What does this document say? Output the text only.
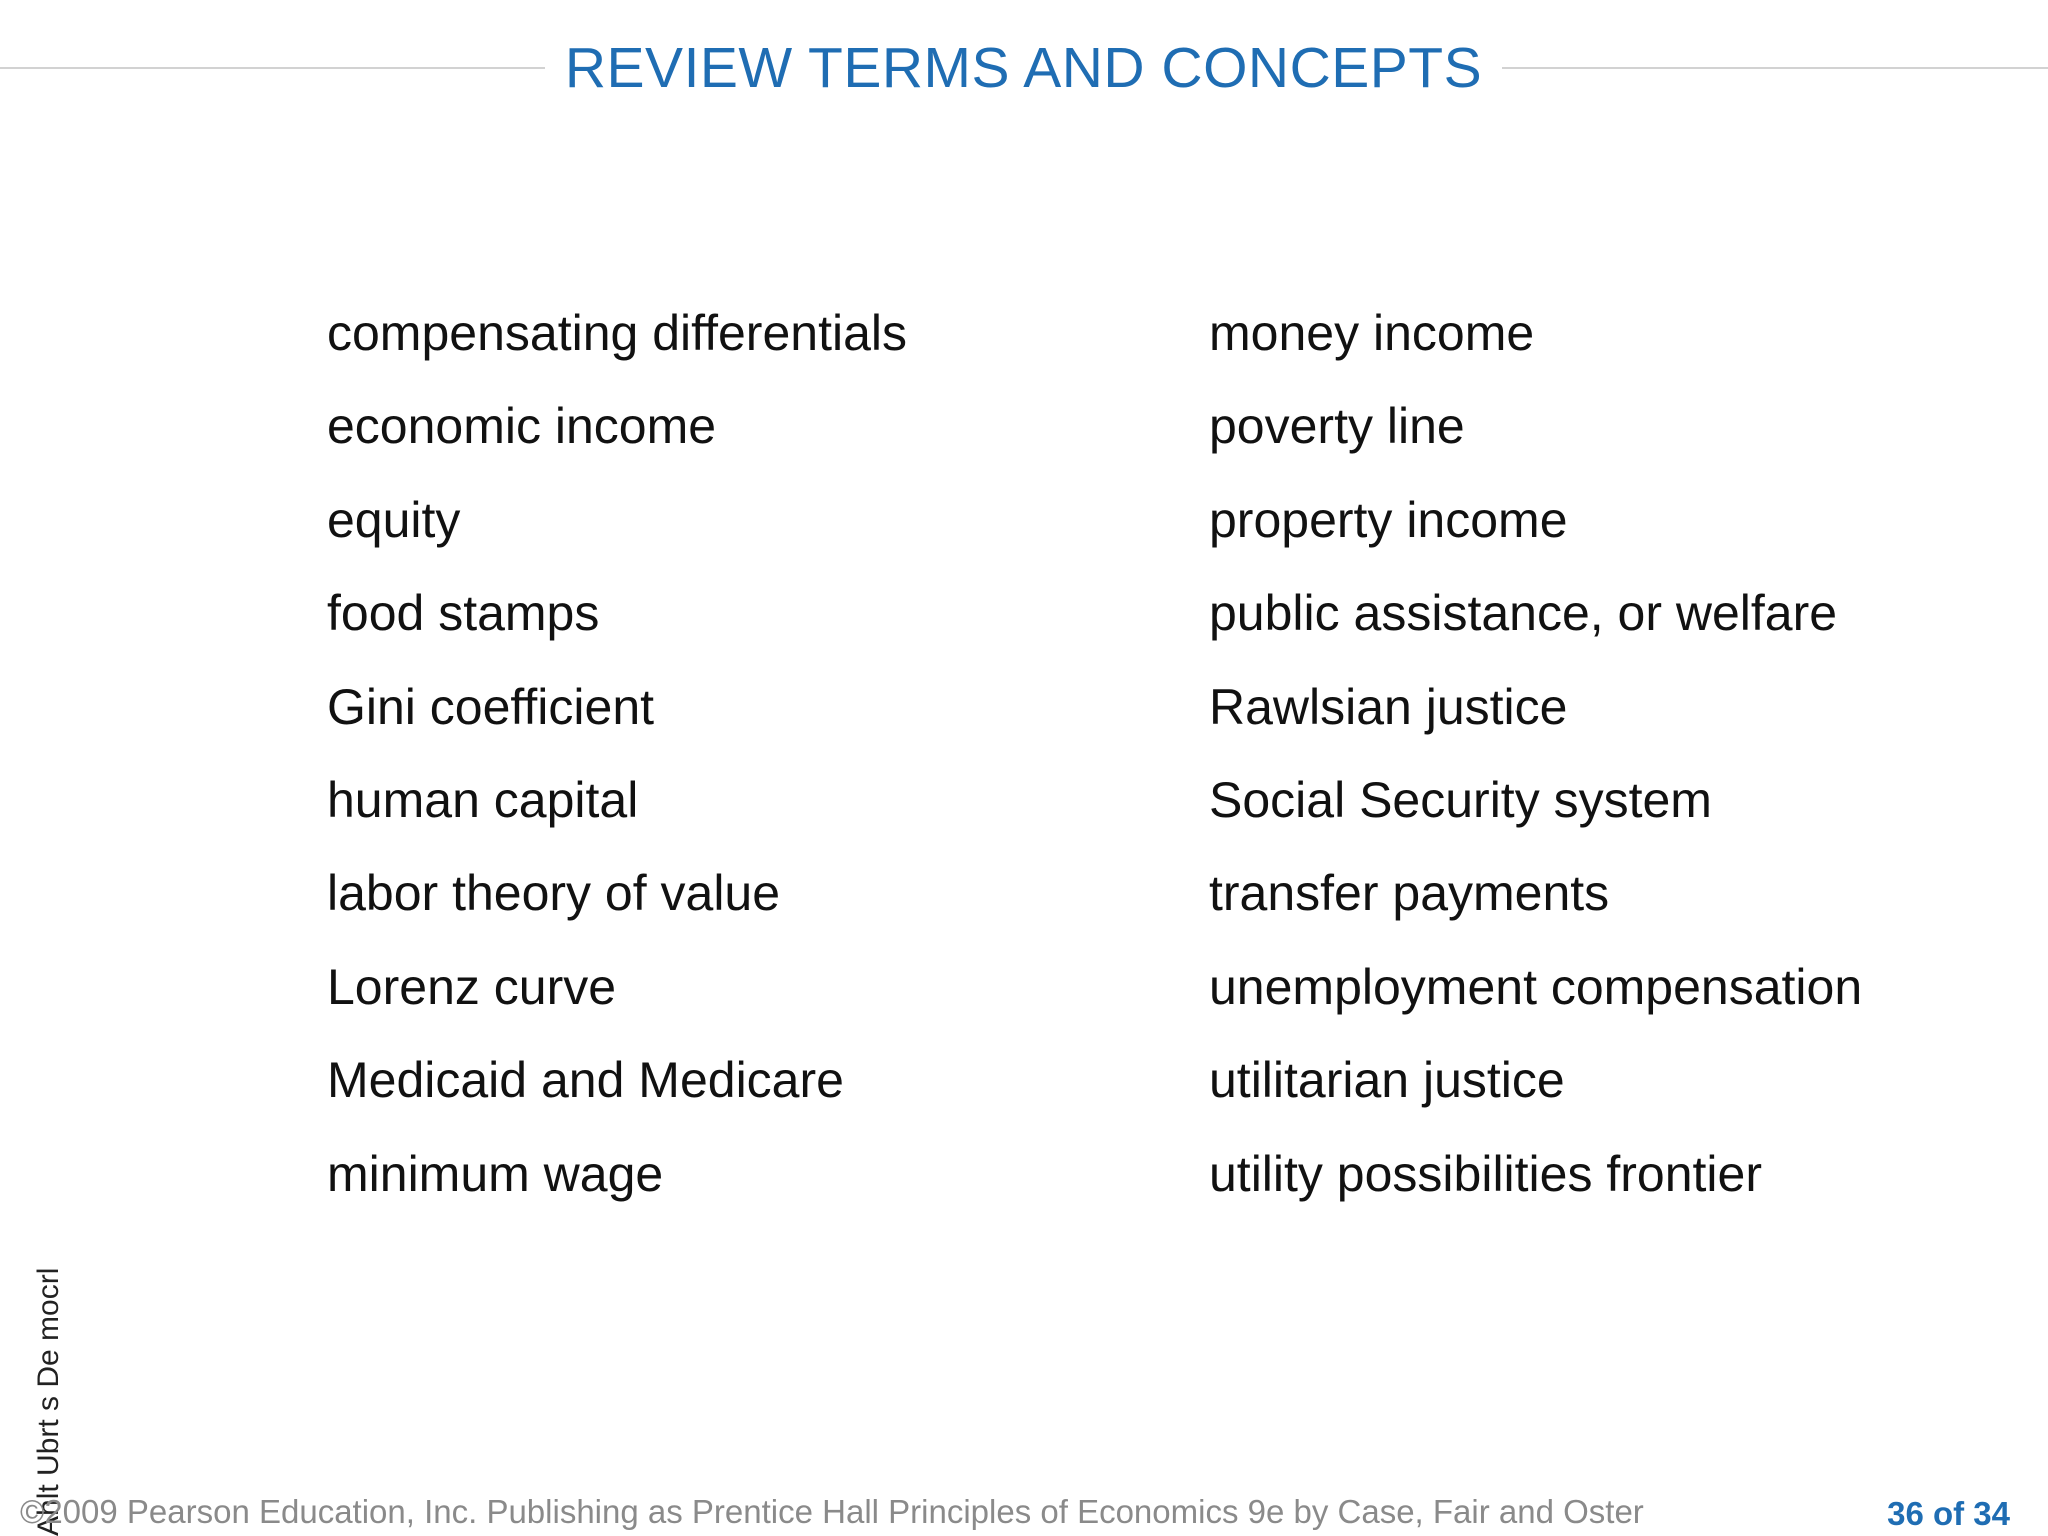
REVIEW TERMS AND CONCEPTS
compensating differentials
economic income
equity
food stamps
Gini coefficient
human capital
labor theory of value
Lorenz curve
Medicaid and Medicare
minimum wage
money income
poverty line
property income
public assistance, or welfare
Rawlsian justice
Social Security system
transfer payments
unemployment compensation
utilitarian justice
utility possibilities frontier
Ahlt Ubrt s De mocrl
©2009 Pearson Education, Inc. Publishing as Prentice Hall Principles of Economics 9e by Case, Fair and Oster	36 of 34
